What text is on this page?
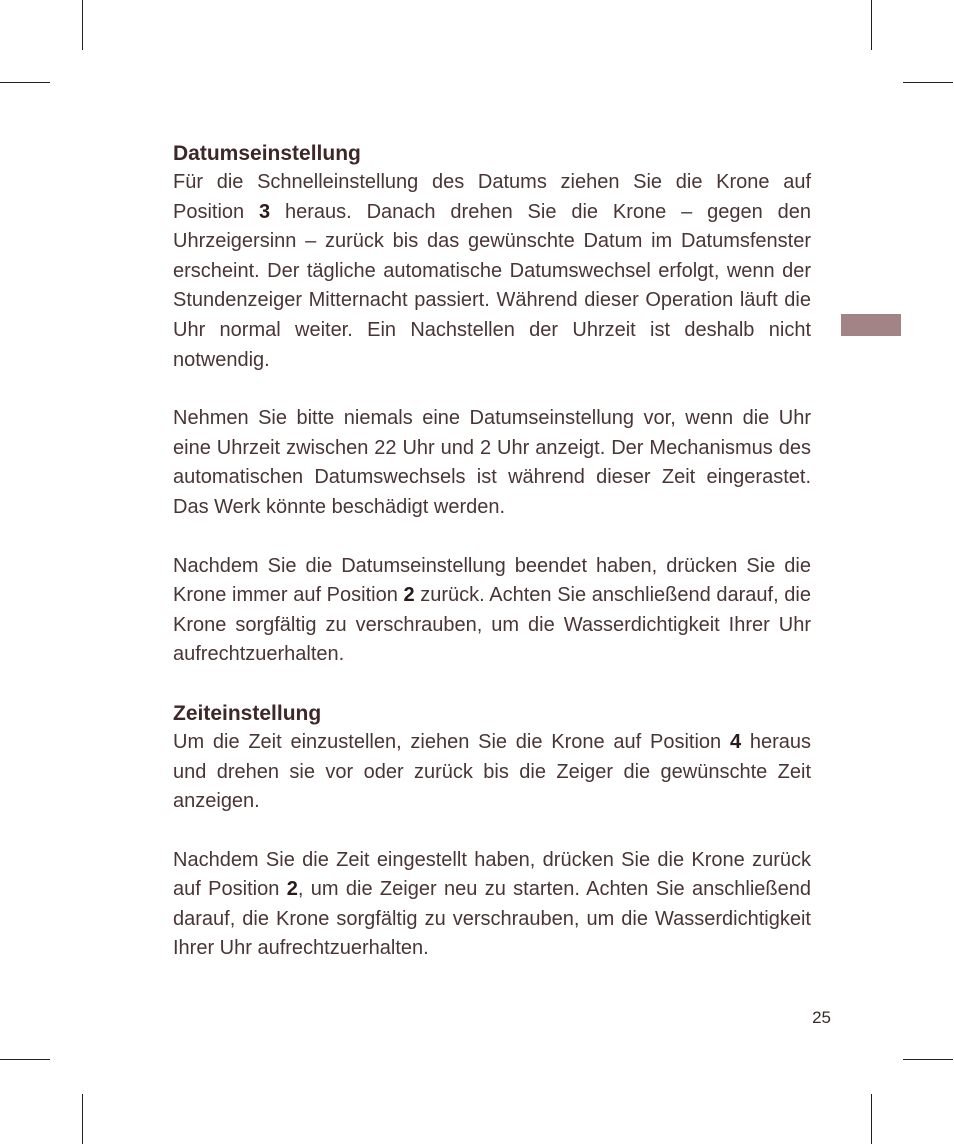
Datumseinstellung

Für die Schnelleinstellung des Datums ziehen Sie die Krone auf Position 3 heraus. Danach drehen Sie die Krone – gegen den Uhrzeigersinn – zurück bis das gewünschte Datum im Datumsfenster erscheint. Der tägliche automatische Datumswechsel erfolgt, wenn der Stundenzeiger Mitternacht passiert. Während dieser Operation läuft die Uhr normal weiter. Ein Nachstellen der Uhrzeit ist deshalb nicht notwendig.

Nehmen Sie bitte niemals eine Datumseinstellung vor, wenn die Uhr eine Uhrzeit zwischen 22 Uhr und 2 Uhr anzeigt. Der Mechanismus des automatischen Datumswechsels ist während dieser Zeit eingerastet. Das Werk könnte beschädigt werden.

Nachdem Sie die Datumseinstellung beendet haben, drücken Sie die Krone immer auf Position 2 zurück. Achten Sie anschließend darauf, die Krone sorgfältig zu verschrauben, um die Wasserdichtigkeit Ihrer Uhr aufrechtzuerhalten.

Zeiteinstellung

Um die Zeit einzustellen, ziehen Sie die Krone auf Position 4 heraus und drehen sie vor oder zurück bis die Zeiger die gewünschte Zeit anzeigen.

Nachdem Sie die Zeit eingestellt haben, drücken Sie die Krone zurück auf Position 2, um die Zeiger neu zu starten. Achten Sie anschließend darauf, die Krone sorgfältig zu verschrauben, um die Wasserdichtigkeit Ihrer Uhr aufrechtzuerhalten.

25
